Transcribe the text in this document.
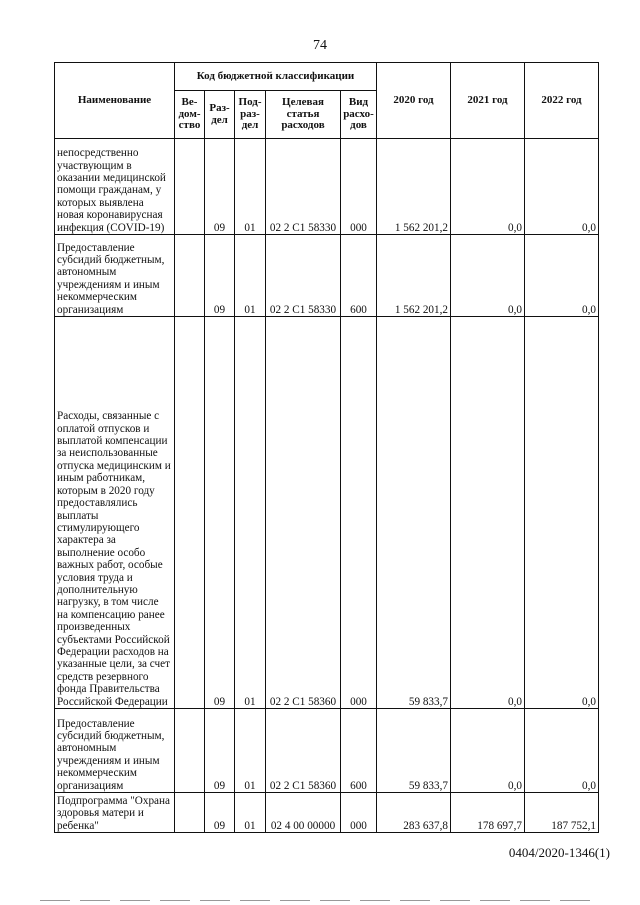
74
Наименование	Код бюджетной классификации					2020 год	2021 год	2022 год
	Ве-дом-ство	Раз-дел	Под-раз-дел	Целевая статья расходов	Вид расхо-дов			
непосредственно участвующим в оказании медицинской помощи гражданам, у которых выявлена новая коронавирусная инфекция (COVID-19)		09	01	02 2 С1 58330	000	1 562 201,2	0,0	0,0
Предоставление субсидий бюджетным, автономным учреждениям и иным некоммерческим организациям		09	01	02 2 С1 58330	600	1 562 201,2	0,0	0,0
Расходы, связанные с оплатой отпусков и выплатой компенсации за неиспользованные отпуска медицинским и иным работникам, которым в 2020 году предоставлялись выплаты стимулирующего характера за выполнение особо важных работ, особые условия труда и дополнительную нагрузку, в том числе на компенсацию ранее произведенных субъектами Российской Федерации расходов на указанные цели, за счет средств резервного фонда Правительства Российской Федерации		09	01	02 2 С1 58360	000	59 833,7	0,0	0,0
Предоставление субсидий бюджетным, автономным учреждениям и иным некоммерческим организациям		09	01	02 2 С1 58360	600	59 833,7	0,0	0,0
Подпрограмма "Охрана здоровья матери и ребенка"		09	01	02 4 00 00000	000	283 637,8	178 697,7	187 752,1
0404/2020-1346(1)
